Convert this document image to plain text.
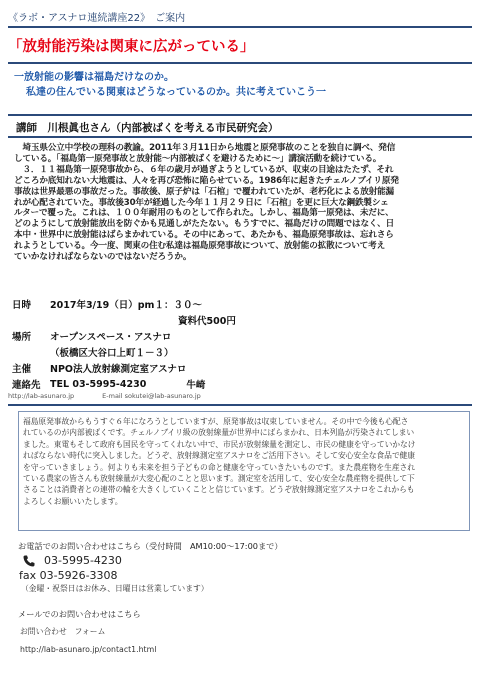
《ラボ・アスナロ連続講座22》　ご案内
「放射能汚染は関東に広がっている」

一放射能の影響は福島だけなのか。

私達の住んでいる関東はどうなっているのか。共に考えていこう一

講師　川根眞也さん（内部被ばくを考える市民研究会）

　埼玉県公立中学校の理科の教諭。2011年３月11日から地震と原発事故のことを独自に調べ、発信

している。「福島第一原発事故と放射能～内部被ばくを避けるために～」講演活動を続けている。

　３．１１福島第一原発事故から、６年の歳月が過ぎようとしているが、収束の目途はたたず、それ

どころか底知れない大地震は、人々を再び恐怖に陥らせている。1986年に起きたチェルノブイリ原発

事故は世界最悪の事故だった。事故後、原子炉は「石棺」で覆われていたが、老朽化による放射能漏

れが心配されていた。事故後30年が経過した今年１１月２９日に「石棺」を更に巨大な鋼鉄製シェ

ルターで覆った。これは、１００年耐用のものとして作られた。しかし、福島第一原発は、未だに、

どのようにして放射能放出を防ぐかも見通しがたたない。もうすでに、福島だけの問題ではなく、日

本中・世界中に放射能はばらまかれている。その中にあって、あたかも、福島原発事故は、忘れさら

れようとしている。今一度、関東の住む私達は福島原発事故について、放射能の拡散について考え

ていかなければならないのではないだろうか。

日時	2017年3/19（日）pm１：３０～
資料代500円
場所	オープンスペース・アスナロ
（板橋区大谷口上町１－３）
主催	NPO法人放射線測定室アスナロ
連絡先 TEL 03-5995-4230	牛崎
http://lab-asunaro.jp	E-mail sokutei@lab-asunaro.jp

福島原発事故からもうすぐ６年になろうとしていますが、原発事故は収束していません。その中で今後も心配さ

れているのが内部被ばくです。チェルノブイリ級の放射線量が世界中にばらまかれ、日本列島が汚染されてしまい

ました。東電もそして政府も国民を守ってくれない中で、市民が放射線量を測定し、市民の健康を守っていかなけ

ればならない時代に突入しました。どうぞ、放射線測定室アスナロをご活用下さい。そして安心安全な食品で健康

を守っていきましょう。何よりも未来を担う子どもの命と健康を守っていきたいものです。また農産物を生産され

ている農家の皆さんも放射線量が大変心配のことと思います。測定室を活用して、安心安全な農産物を提供して下

さることは消費者との連帯の輪を大きくしていくことと信じています。どうぞ放射線測定室アスナロをこれからも

よろしくお願いいたします。

お電話でのお問い合わせはこちら（受付時間　AM10:00～17:00まで）
03-5995-4230
fax 03-5926-3308
（金曜・祝祭日はお休み、日曜日は営業しています）
メールでのお問い合わせはこちら
お問い合わせ　フォーム
http://lab-asunaro.jp/contact1.html
